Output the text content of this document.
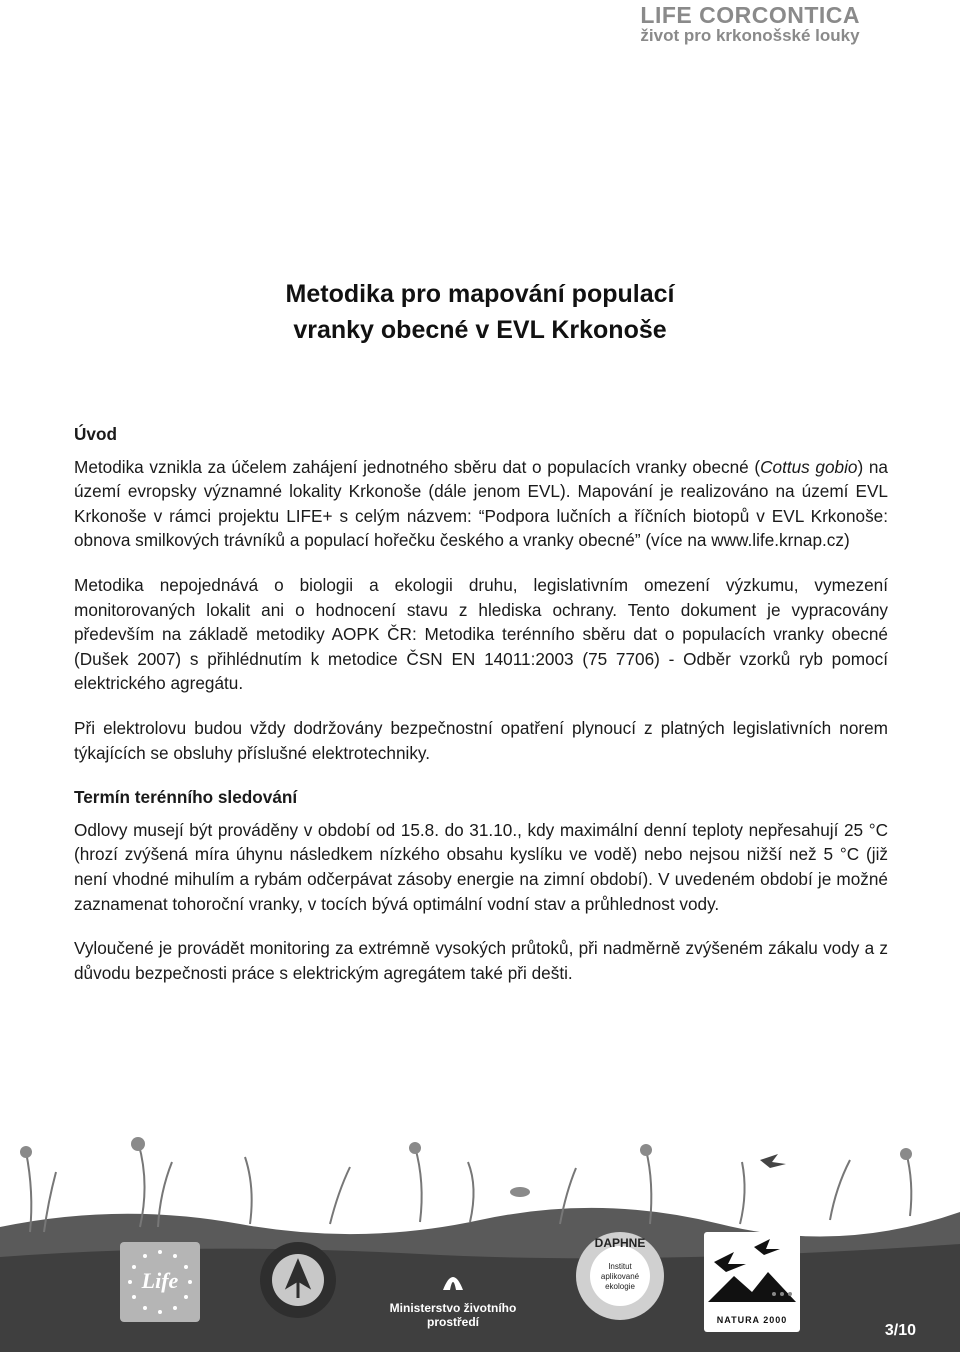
LIFE CORCONTICA
život pro krkonošské louky
Metodika pro mapování populací
vranky obecné v EVL Krkonoše
Úvod

Metodika vznikla za účelem zahájení jednotného sběru dat o populacích vranky obecné (Cottus gobio) na území evropsky významné lokality Krkonoše (dále jenom EVL). Mapování je realizováno na území EVL Krkonoše v rámci projektu LIFE+ s celým názvem: “Podpora lučních a říčních biotopů v EVL Krkonoše: obnova smilkových trávníků a populací hořečku českého a vranky obecné” (více na www.life.krnap.cz)

Metodika nepojednává o biologii a ekologii druhu, legislativním omezení výzkumu, vymezení monitorovaných lokalit ani o hodnocení stavu z hlediska ochrany. Tento dokument je vypracovány především na základě metodiky AOPK ČR: Metodika terénního sběru dat o populacích vranky obecné (Dušek 2007) s přihlédnutím k metodice ČSN EN 14011:2003 (75 7706) - Odběr vzorků ryb pomocí elektrického agregátu.

Při elektrolovu budou vždy dodržovány bezpečnostní opatření plynoucí z platných legislativních norem týkajících se obsluhy příslušné elektrotechniky.

Termín terénního sledování

Odlovy musejí být prováděny v období od 15.8. do 31.10., kdy maximální denní teploty nepřesahují 25 °C (hrozí zvýšená míra úhynu následkem nízkého obsahu kyslíku ve vodě) nebo nejsou nižší než 5 °C (již není vhodné mihulím a rybám odčerpávat zásoby energie na zimní období). V uvedeném období je možné zaznamenat tohoroční vranky, v tocích bývá optimální vodní stav a průhlednost vody.

Vyloučené je provádět monitoring za extrémně vysokých průtoků, při nadměrně zvýšeném zákalu vody a z důvodu bezpečnosti práce s elektrickým agregátem také při dešti.

Life
Ministerstvo životního prostředí
DAPHNE
Institut
aplikované
ekologie
NATURA 2000
3/10
